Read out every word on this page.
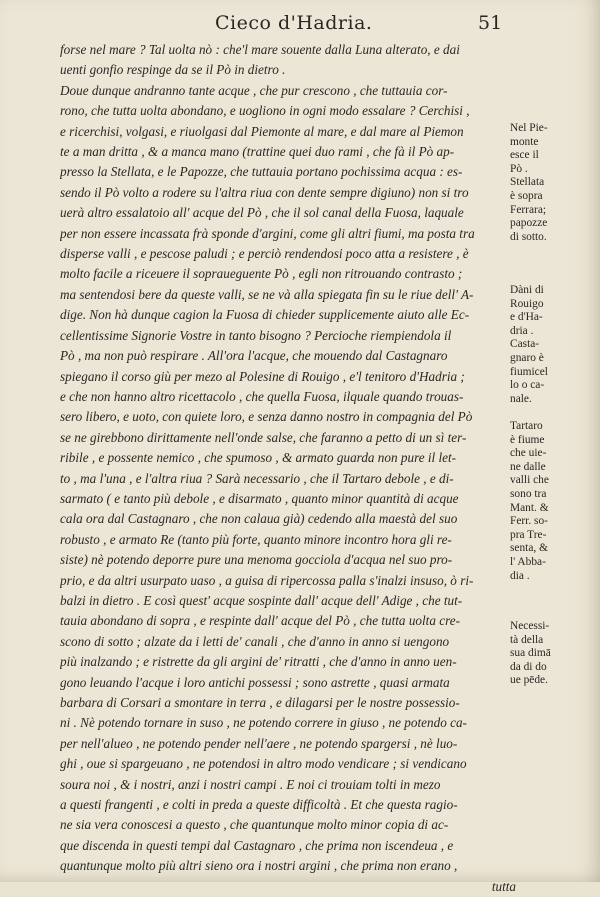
Cieco d'Hadria.	51
forse nel mare ? Tal uolta nò : che'l mare souente dalla Luna alterato, e dai
uenti gonfio respinge da se il Pò in dietro .
Doue dunque andranno tante acque , che pur crescono , che tuttauia cor-
rono, che tutta uolta abondano, e uogliono in ogni modo essalare ? Cerchisi ,
e ricerchisi, volgasi, e riuolgasi dal Piemonte al mare, e dal mare al Piemon
te a man dritta , & a manca mano (trattine quei duo rami , che fà il Pò ap-
presso la Stellata, e le Papozze, che tuttauia portano pochissima acqua : es-
sendo il Pò volto a rodere su l'altra riua con dente sempre digiuno) non si tro
uerà altro essalatoio all' acque del Pò , che il sol canal della Fuosa, laquale
per non essere incassata frà sponde d'argini, come gli altri fiumi, ma posta tra
disperse valli , e pescose paludi ; e perciò rendendosi poco atta a resistere , è
molto facile a riceuere il sopraueguente Pò , egli non ritrouando contrasto ;
ma sentendosi bere da queste valli, se ne và alla spiegata fin su le riue dell' A-
dige. Non hà dunque cagion la Fuosa di chieder supplicemente aiuto alle Ec-
cellentissime Signorie Vostre in tanto bisogno ? Percioche riempiendola il
Pò , ma non può respirare . All'ora l'acque, che mouendo dal Castagnaro
spiegano il corso giù per mezo al Polesine di Rouigo , e'l tenitoro d'Hadria ;
e che non hanno altro ricettacolo , che quella Fuosa, ilquale quando trouas-
sero libero, e uoto, con quiete loro, e senza danno nostro in compagnia del Pò
se ne girebbono dirittamente nell'onde salse, che faranno a petto di un sì ter-
ribile , e possente nemico , che spumoso , & armato guarda non pure il let-
to , ma l'una , e l'altra riua ? Sarà necessario , che il Tartaro debole , e di-
sarmato ( e tanto più debole , e disarmato , quanto minor quantità di acque
cala ora dal Castagnaro , che non calaua già) cedendo alla maestà del suo
robusto , e armato Re (tanto più forte, quanto minore incontro hora gli re-
siste) nè potendo deporre pure una menoma gocciola d'acqua nel suo pro-
prio, e da altri usurpato uaso , a guisa di ripercossa palla s'inalzi insuso, ò ri-
balzi in dietro . E così quest' acque sospinte dall' acque dell' Adige , che tut-
tauia abondano di sopra , e respinte dall' acque del Pò , che tutta uolta cre-
scono di sotto ; alzate da i letti de' canali , che d'anno in anno si uengono
più inalzando ; e ristrette da gli argini de' ritratti , che d'anno in anno uen-
gono leuando l'acque i loro antichi possessi ; sono astrette , quasi armata
barbara di Corsari a smontare in terra , e dilagarsi per le nostre possessio-
ni . Nè potendo tornare in suso , ne potendo correre in giuso , ne potendo ca-
per nell'alueo , ne potendo pender nell'aere , ne potendo spargersi , nè luo-
ghi , oue si spargeuano , ne potendosi in altro modo vendicare ; si vendicano
soura noi , & i nostri, anzi i nostri campi . E noi ci trouiam tolti in mezo
a questi frangenti , e colti in preda a queste difficoltà . Et che questa ragio-
ne sia vera conoscesi a questo , che quantunque molto minor copia di ac-
que discenda in questi tempi dal Castagnaro , che prima non iscendeua , e
quantunque molto più altri sieno ora i nostri argini , che prima non erano ,
tutta
Nel Pie-
monte
esce il
Pò .
Stellata
è sopra
Ferrara;
papozze
di sotto.
Dàni di
Rouigo
e d'Ha-
dria .
Casta-
gnaro è
fiumicel
lo o ca-
nale.
Tartaro
è fiume
che uie-
ne dalle
valli che
sono tra
Mant. &
Ferr. so-
pra Tre-
senta, &
l' Abba-
dia .
Necessi-
tà della
sua dimā
da di do
ue pēde.
